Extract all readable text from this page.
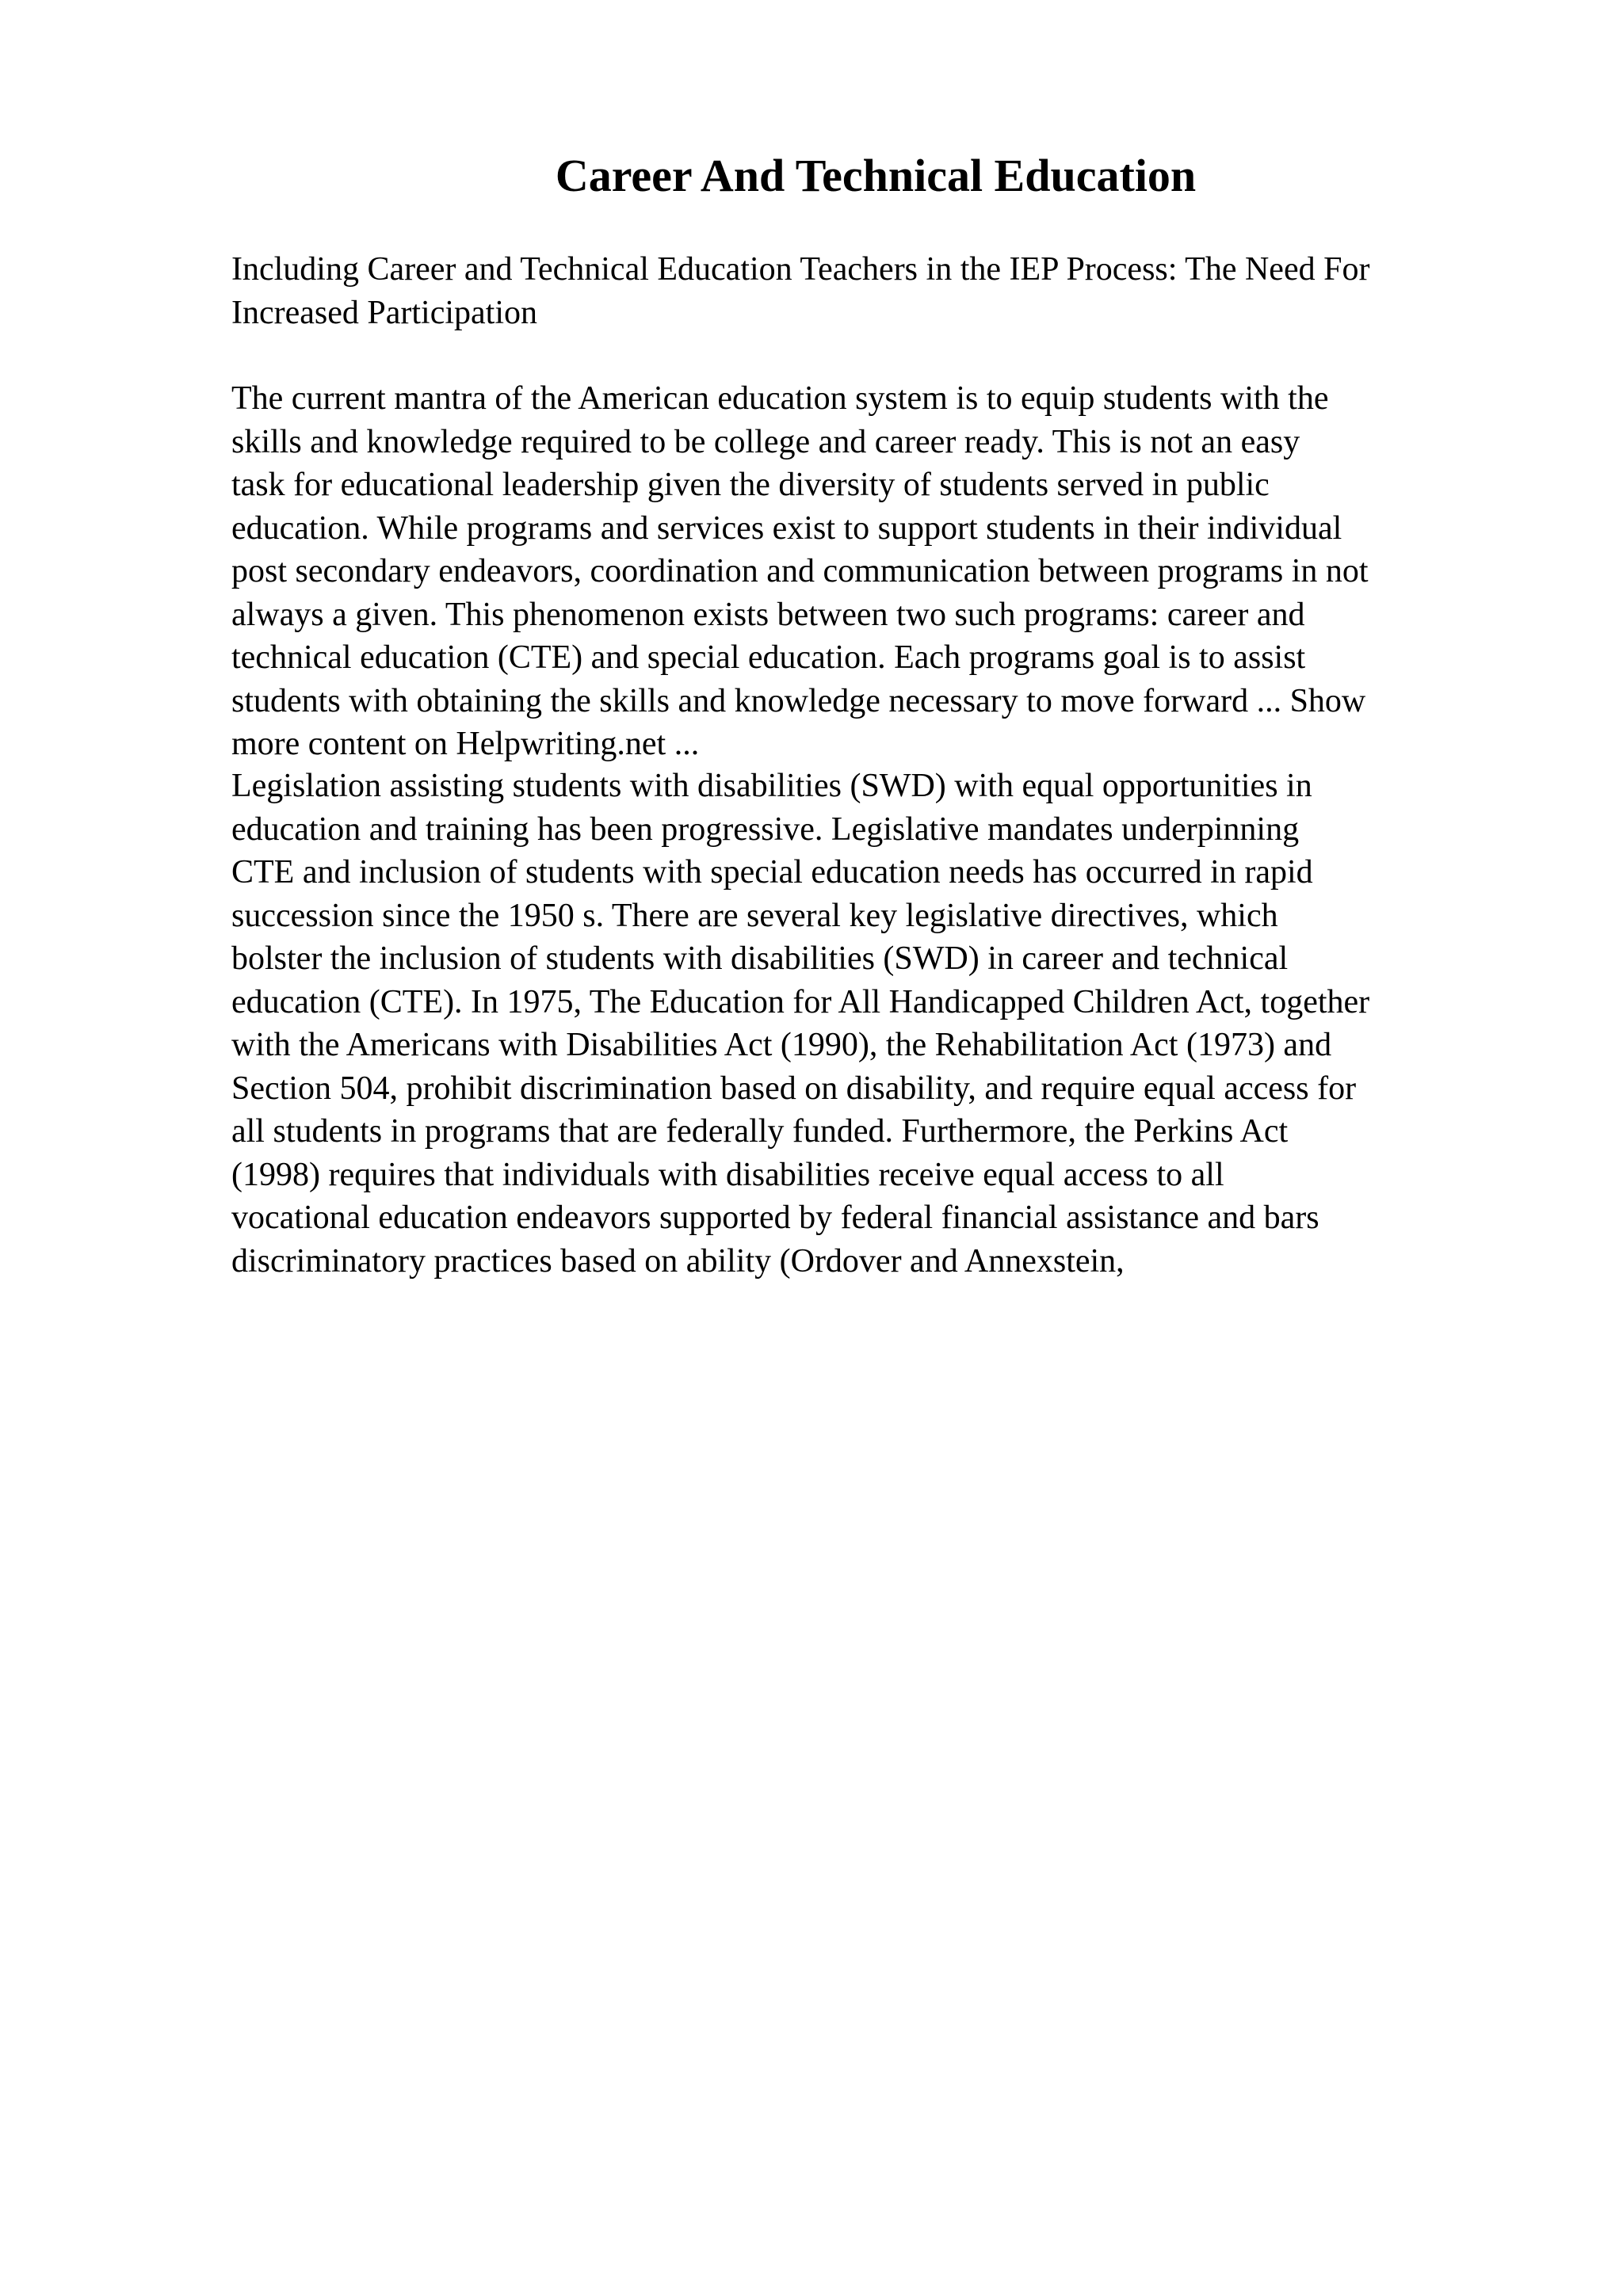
Career And Technical Education

Including Career and Technical Education Teachers in the IEP Process: The Need For
Increased Participation

The current mantra of the American education system is to equip students with the
skills and knowledge required to be college and career ready. This is not an easy
task for educational leadership given the diversity of students served in public
education. While programs and services exist to support students in their individual
post secondary endeavors, coordination and communication between programs in not
always a given. This phenomenon exists between two such programs: career and
technical education (CTE) and special education. Each programs goal is to assist
students with obtaining the skills and knowledge necessary to move forward ... Show
more content on Helpwriting.net ...

Legislation assisting students with disabilities (SWD) with equal opportunities in
education and training has been progressive. Legislative mandates underpinning
CTE and inclusion of students with special education needs has occurred in rapid
succession since the 1950 s. There are several key legislative directives, which
bolster the inclusion of students with disabilities (SWD) in career and technical
education (CTE). In 1975, The Education for All Handicapped Children Act, together
with the Americans with Disabilities Act (1990), the Rehabilitation Act (1973) and
Section 504, prohibit discrimination based on disability, and require equal access for
all students in programs that are federally funded. Furthermore, the Perkins Act
(1998) requires that individuals with disabilities receive equal access to all
vocational education endeavors supported by federal financial assistance and bars
discriminatory practices based on ability (Ordover and Annexstein,
